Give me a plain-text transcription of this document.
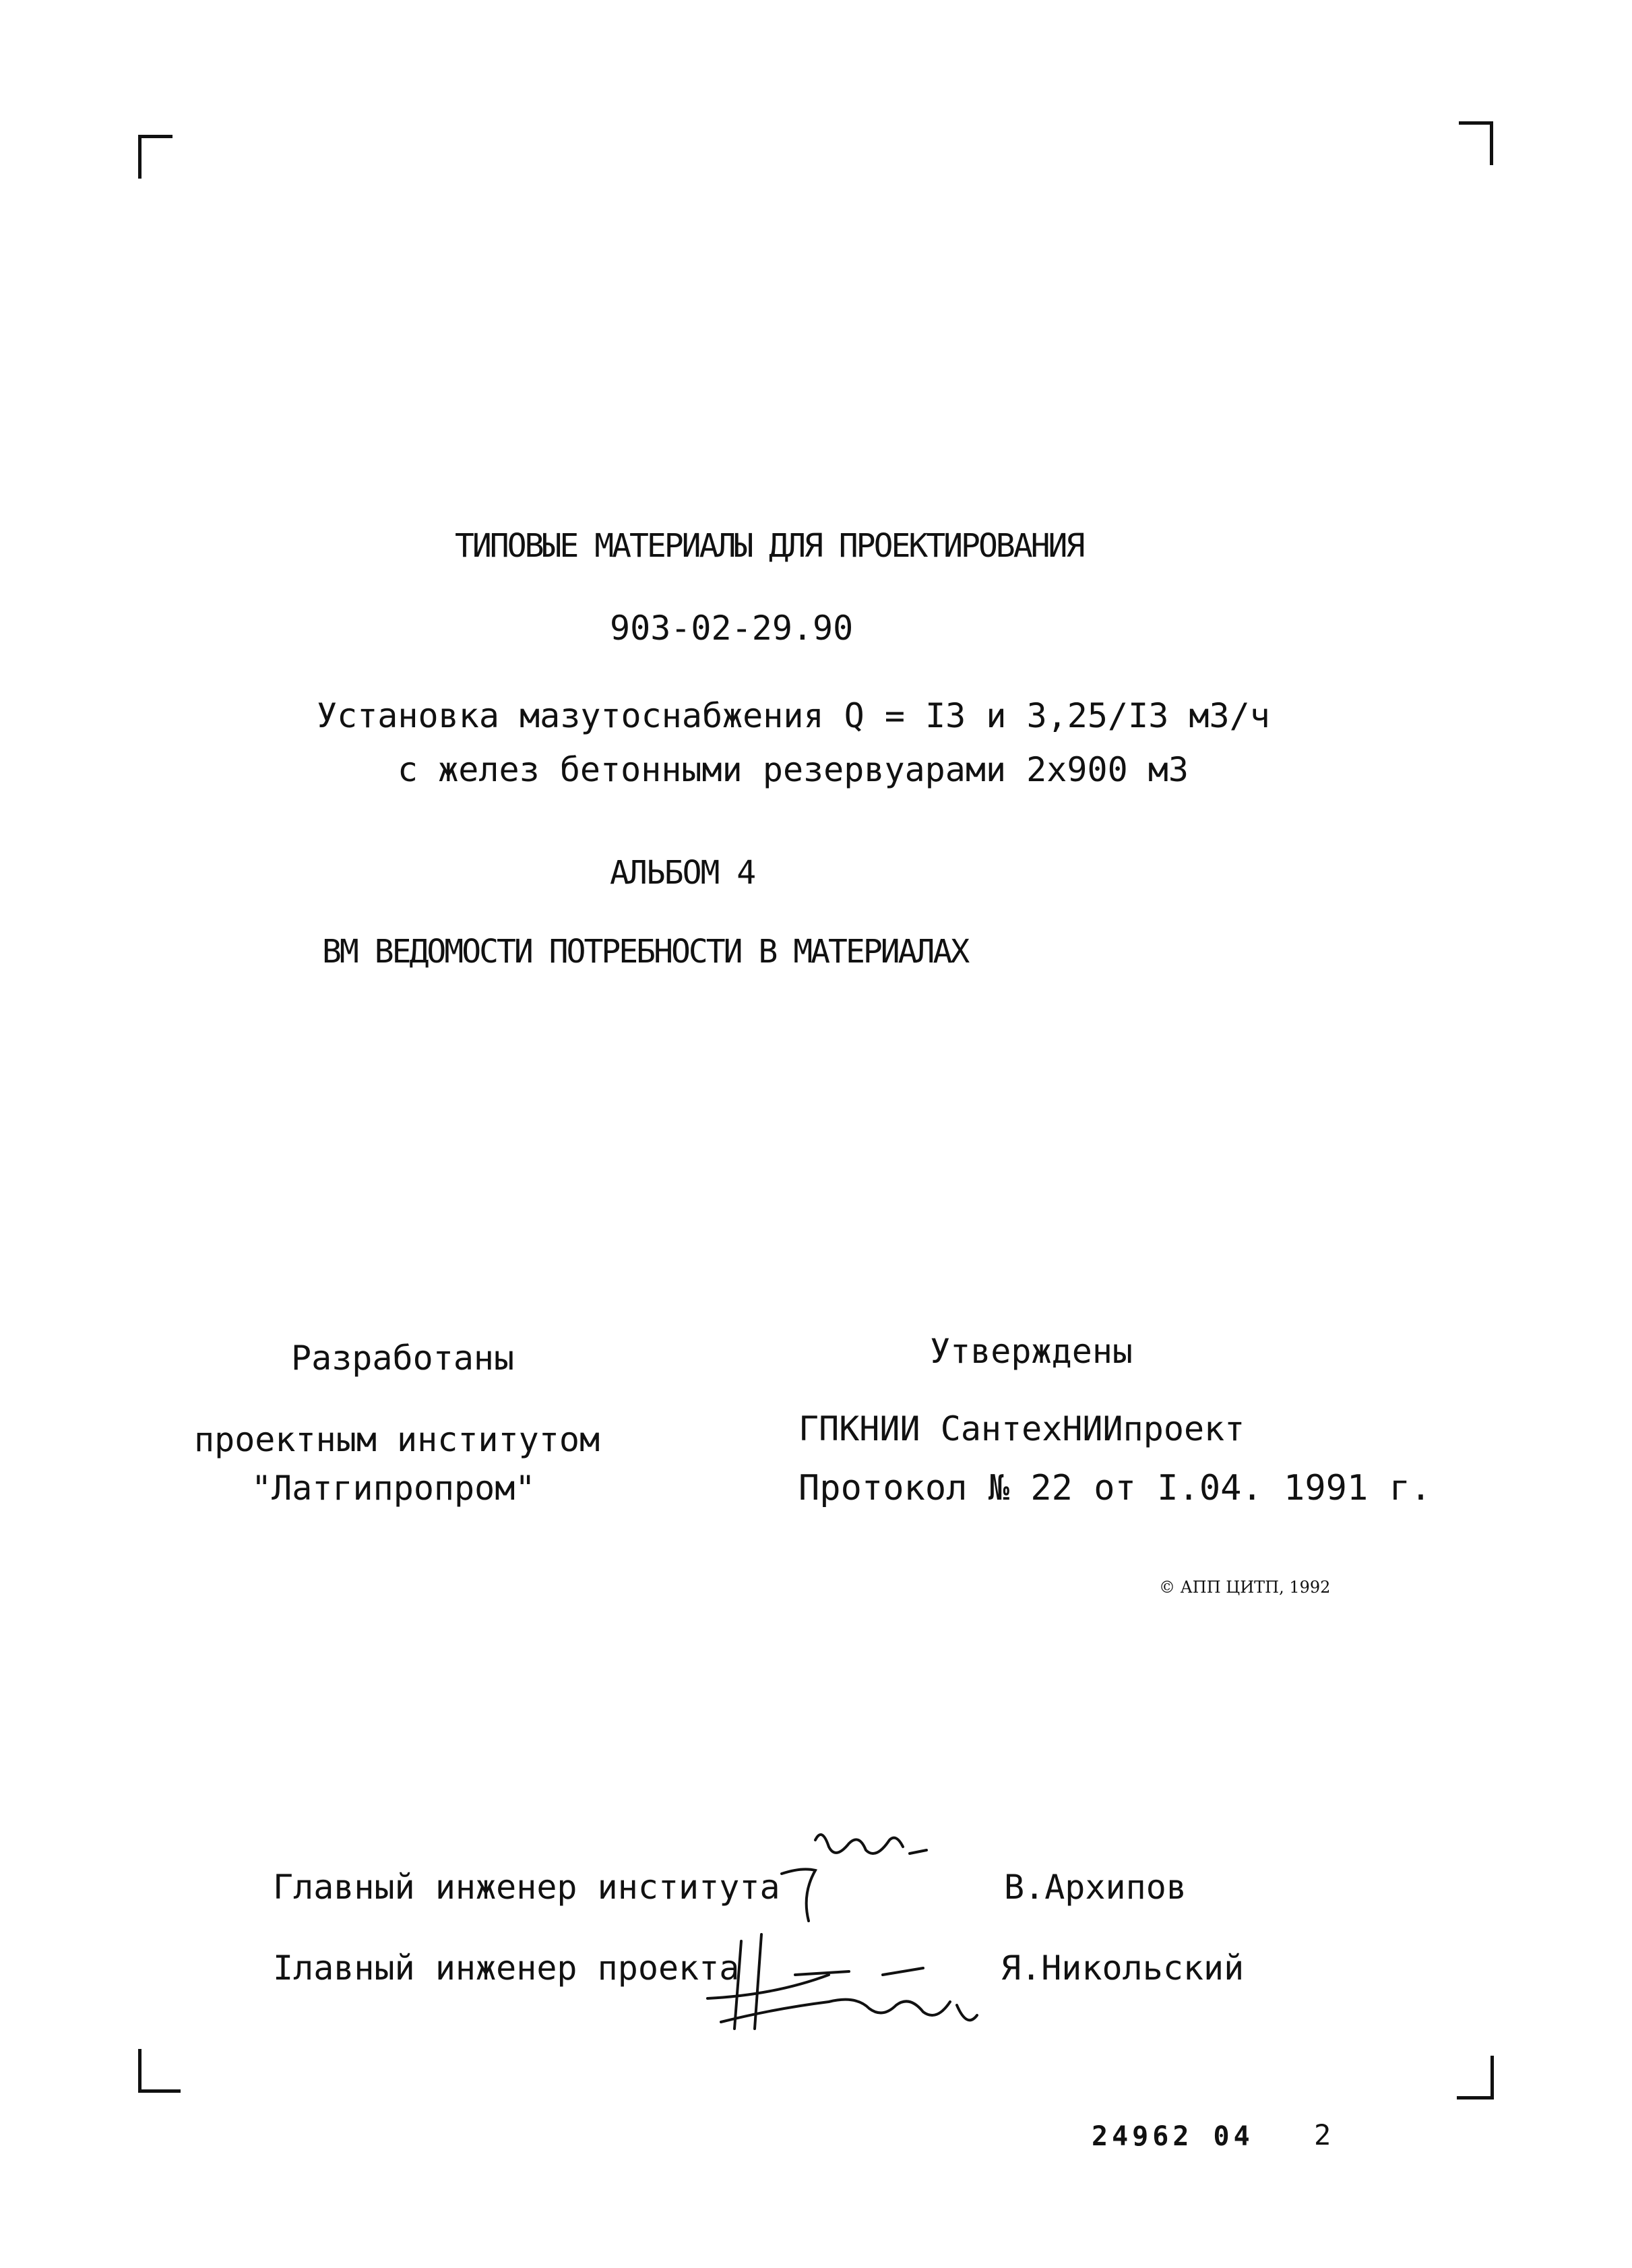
ТИПОВЫЕ МАТЕРИАЛЫ ДЛЯ ПРОЕКТИРОВАНИЯ
903-02-29.90
Установка мазутоснабжения Q = I3 и 3,25/I3 м3/ч
с желез бетонными резервуарами 2х900 м3
АЛЬБОМ 4
ВМ ВЕДОМОСТИ ПОТРЕБНОСТИ В МАТЕРИАЛАХ
Разработаны
проектным институтом
"Латгипропром"
Утверждены
ГПКНИИ СантехНИИпроект
Протокол № 22 от I.04. 1991 г.
© АПП ЦИТП, 1992
Главный инженер института	В.Архипов
Iлавный инженер проекта	Я.Никольский
24962 04 2
